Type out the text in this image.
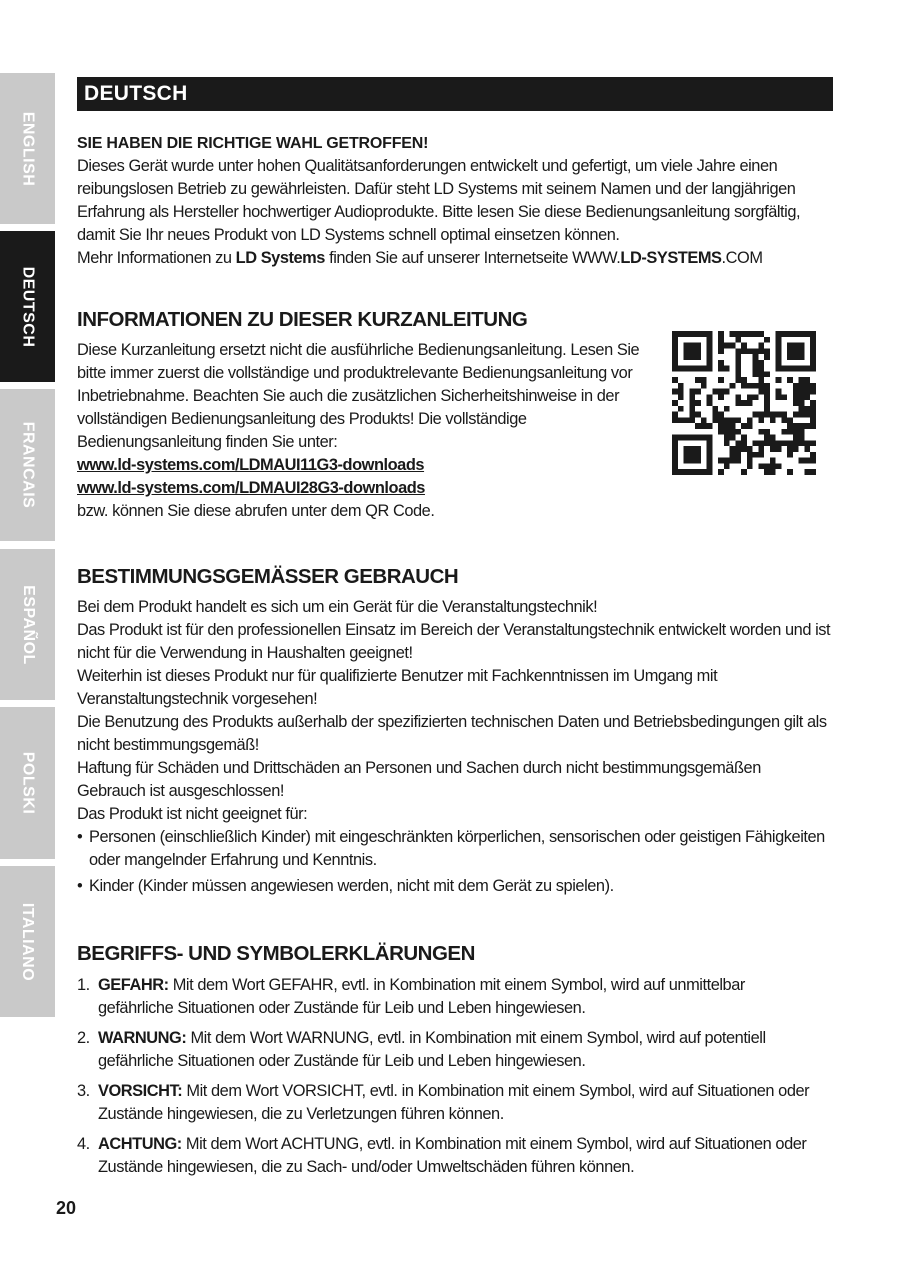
ENGLISH
DEUTSCH
FRANCAIS
ESPAÑOL
POLSKI
ITALIANO
DEUTSCH
SIE HABEN DIE RICHTIGE WAHL GETROFFEN!

Dieses Gerät wurde unter hohen Qualitätsanforderungen entwickelt und gefertigt, um viele Jahre einen reibungslosen Betrieb zu gewährleisten. Dafür steht LD Systems mit seinem Namen und der langjährigen Erfahrung als Hersteller hochwertiger Audioprodukte. Bitte lesen Sie diese Bedienungsanleitung sorgfältig, damit Sie Ihr neues Produkt von LD Systems schnell optimal einsetzen können.

Mehr Informationen zu LD Systems finden Sie auf unserer Internetseite WWW.LD-SYSTEMS.COM

INFORMATIONEN ZU DIESER KURZANLEITUNG

Diese Kurzanleitung ersetzt nicht die ausführliche Bedienungsanleitung. Lesen Sie bitte immer zuerst die vollständige und produktrelevante Bedienungsanleitung vor Inbetriebnahme. Beachten Sie auch die zusätzlichen Sicherheitshinweise in der vollständigen Bedienungsanleitung des Produkts! Die vollständige Bedienungsanleitung finden Sie unter:

www.ld-systems.com/LDMAUI11G3-downloads
www.ld-systems.com/LDMAUI28G3-downloads

bzw. können Sie diese abrufen unter dem QR Code.

BESTIMMUNGSGEMÄSSER GEBRAUCH

Bei dem Produkt handelt es sich um ein Gerät für die Veranstaltungstechnik!

Das Produkt ist für den professionellen Einsatz im Bereich der Veranstaltungstechnik entwickelt worden und ist nicht für die Verwendung in Haushalten geeignet!

Weiterhin ist dieses Produkt nur für qualifizierte Benutzer mit Fachkenntnissen im Umgang mit Veranstaltungstechnik vorgesehen!

Die Benutzung des Produkts außerhalb der spezifizierten technischen Daten und Betriebsbedingungen gilt als nicht bestimmungsgemäß!

Haftung für Schäden und Drittschäden an Personen und Sachen durch nicht bestimmungsgemäßen Gebrauch ist ausgeschlossen!

Das Produkt ist nicht geeignet für:

• Personen (einschließlich Kinder) mit eingeschränkten körperlichen, sensorischen oder geistigen Fähigkeiten oder mangelnder Erfahrung und Kenntnis.
• Kinder (Kinder müssen angewiesen werden, nicht mit dem Gerät zu spielen).
BEGRIFFS- UND SYMBOLERKLÄRUNGEN
1. GEFAHR: Mit dem Wort GEFAHR, evtl. in Kombination mit einem Symbol, wird auf unmittelbar gefährliche Situationen oder Zustände für Leib und Leben hingewiesen.
2. WARNUNG: Mit dem Wort WARNUNG, evtl. in Kombination mit einem Symbol, wird auf potentiell gefährliche Situationen oder Zustände für Leib und Leben hingewiesen.
3. VORSICHT: Mit dem Wort VORSICHT, evtl. in Kombination mit einem Symbol, wird auf Situationen oder Zustände hingewiesen, die zu Verletzungen führen können.
4. ACHTUNG: Mit dem Wort ACHTUNG, evtl. in Kombination mit einem Symbol, wird auf Situationen oder Zustände hingewiesen, die zu Sach- und/oder Umweltschäden führen können.
20
